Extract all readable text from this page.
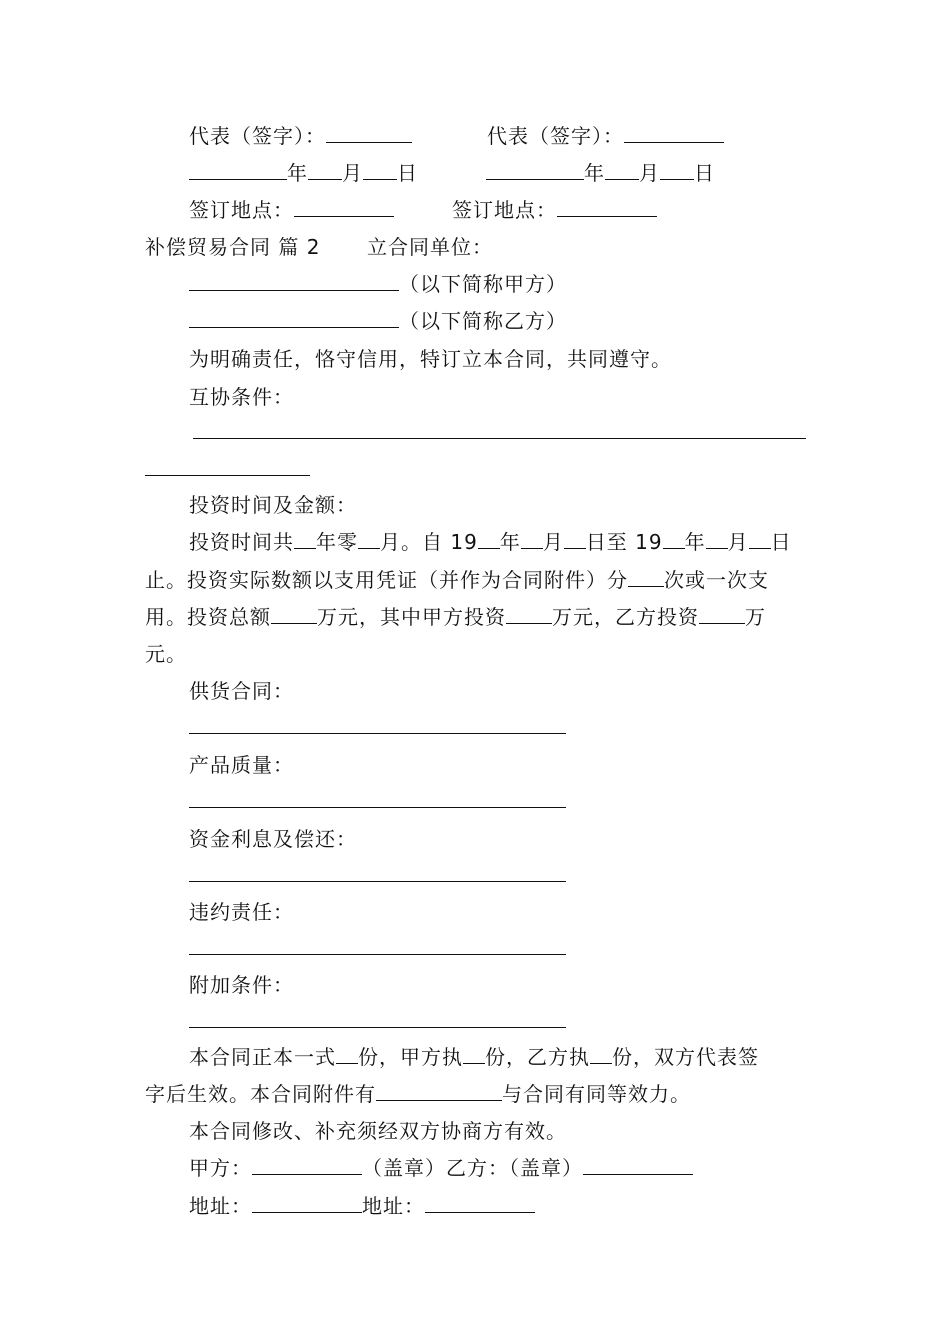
代表（签字）：	代表（签字）：
年 月 日	年 月 日
签订地点：	签订地点：
补偿贸易合同 篇 2 立合同单位：
（以下简称甲方）
（以下简称乙方）
为明确责任，恪守信用，特订立本合同，共同遵守。
互协条件：
投资时间及金额：
投资时间共 年零 月。自 19 年 月 日至 19 年 月 日
止。投资实际数额以支用凭证（并作为合同附件）分 次或一次支
用。投资总额 万元，其中甲方投资 万元，乙方投资 万
元。
供货合同：
产品质量：
资金利息及偿还：
违约责任：
附加条件：
本合同正本一式 份，甲方执 份，乙方执 份，双方代表签
字后生效。本合同附件有	与合同有同等效力。
本合同修改、补充须经双方协商方有效。
甲方：	（盖章）乙方：（盖章）
地址：	地址：
